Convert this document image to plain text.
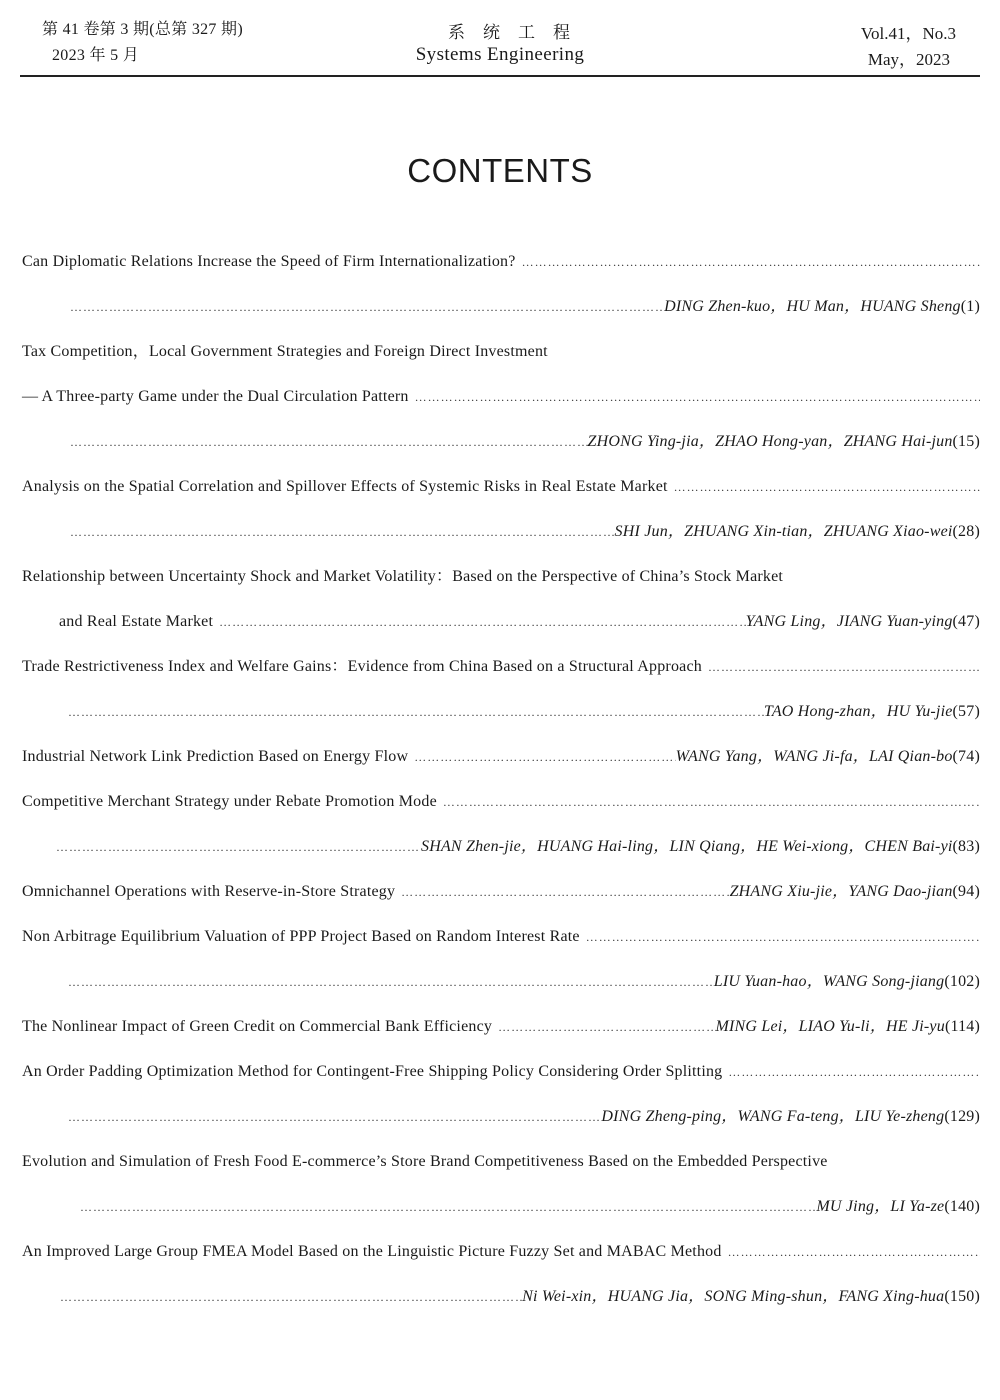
第 41 卷第 3 期(总第 327 期)
2023 年 5 月
系统工程
Systems Engineering
Vol.41，No.3
May，2023
CONTENTS
Can Diplomatic Relations Increase the Speed of Firm Internationalization?
…………………………………………………………………………………………………………………………………………………………………………………………………………………………………………………
…………………………………………………………………………………………………………………………………………………………………………………………………………………………………………………
DING Zhen-kuo，HU Man，HUANG Sheng (1)
Tax Competition，Local Government Strategies and Foreign Direct Investment
— A Three-party Game under the Dual Circulation Pattern
…………………………………………………………………………………………………………………………………………………………………………………………………………………………………………………
…………………………………………………………………………………………………………………………………………………………………………………………………………………………………………………
ZHONG Ying-jia，ZHAO Hong-yan，ZHANG Hai-jun (15)
Analysis on the Spatial Correlation and Spillover Effects of Systemic Risks in Real Estate Market
…………………………………………………………………………………………………………………………………………………………………………………………………………………………………………………
…………………………………………………………………………………………………………………………………………………………………………………………………………………………………………………
SHI Jun，ZHUANG Xin-tian，ZHUANG Xiao-wei (28)
Relationship between Uncertainty Shock and Market Volatility：Based on the Perspective of China’s Stock Market
and Real Estate Market …………………………………………………………………………………………………………………………………………………………………………………………………………………………………………………	YANG Ling，JIANG Yuan-ying (47)
Trade Restrictiveness Index and Welfare Gains：Evidence from China Based on a Structural Approach
…………………………………………………………………………………………………………………………………………………………………………………………………………………………………………………
…………………………………………………………………………………………………………………………………………………………………………………………………………………………………………………
TAO Hong-zhan，HU Yu-jie (57)
Industrial Network Link Prediction Based on Energy Flow …………………………………………………………………………………………………………………………………………………………………………………………………………………………………………………	WANG Yang，WANG Ji-fa，LAI Qian-bo (74)
Competitive Merchant Strategy under Rebate Promotion Mode
…………………………………………………………………………………………………………………………………………………………………………………………………………………………………………………
…………………………………………………………………………………………………………………………………………………………………………………………………………………………………………………
SHAN Zhen-jie，HUANG Hai-ling，LIN Qiang，HE Wei-xiong，CHEN Bai-yi (83)
Omnichannel Operations with Reserve-in-Store Strategy …………………………………………………………………………………………………………………………………………………………………………………………………………………………………………………	ZHANG Xiu-jie，YANG Dao-jian (94)
Non Arbitrage Equilibrium Valuation of PPP Project Based on Random Interest Rate
…………………………………………………………………………………………………………………………………………………………………………………………………………………………………………………
…………………………………………………………………………………………………………………………………………………………………………………………………………………………………………………
LIU Yuan-hao，WANG Song-jiang (102)
The Nonlinear Impact of Green Credit on Commercial Bank Efficiency …………………………………………………………………………………………………………………………………………………………………………………………………………………………………………………	MING Lei，LIAO Yu-li，HE Ji-yu (114)
An Order Padding Optimization Method for Contingent-Free Shipping Policy Considering Order Splitting
…………………………………………………………………………………………………………………………………………………………………………………………………………………………………………………
…………………………………………………………………………………………………………………………………………………………………………………………………………………………………………………
DING Zheng-ping，WANG Fa-teng，LIU Ye-zheng (129)
Evolution and Simulation of Fresh Food E-commerce’s Store Brand Competitiveness Based on the Embedded Perspective
…………………………………………………………………………………………………………………………………………………………………………………………………………………………………………………
MU Jing，LI Ya-ze (140)
An Improved Large Group FMEA Model Based on the Linguistic Picture Fuzzy Set and MABAC Method
…………………………………………………………………………………………………………………………………………………………………………………………………………………………………………………
…………………………………………………………………………………………………………………………………………………………………………………………………………………………………………………
Ni Wei-xin，HUANG Jia，SONG Ming-shun，FANG Xing-hua (150)
